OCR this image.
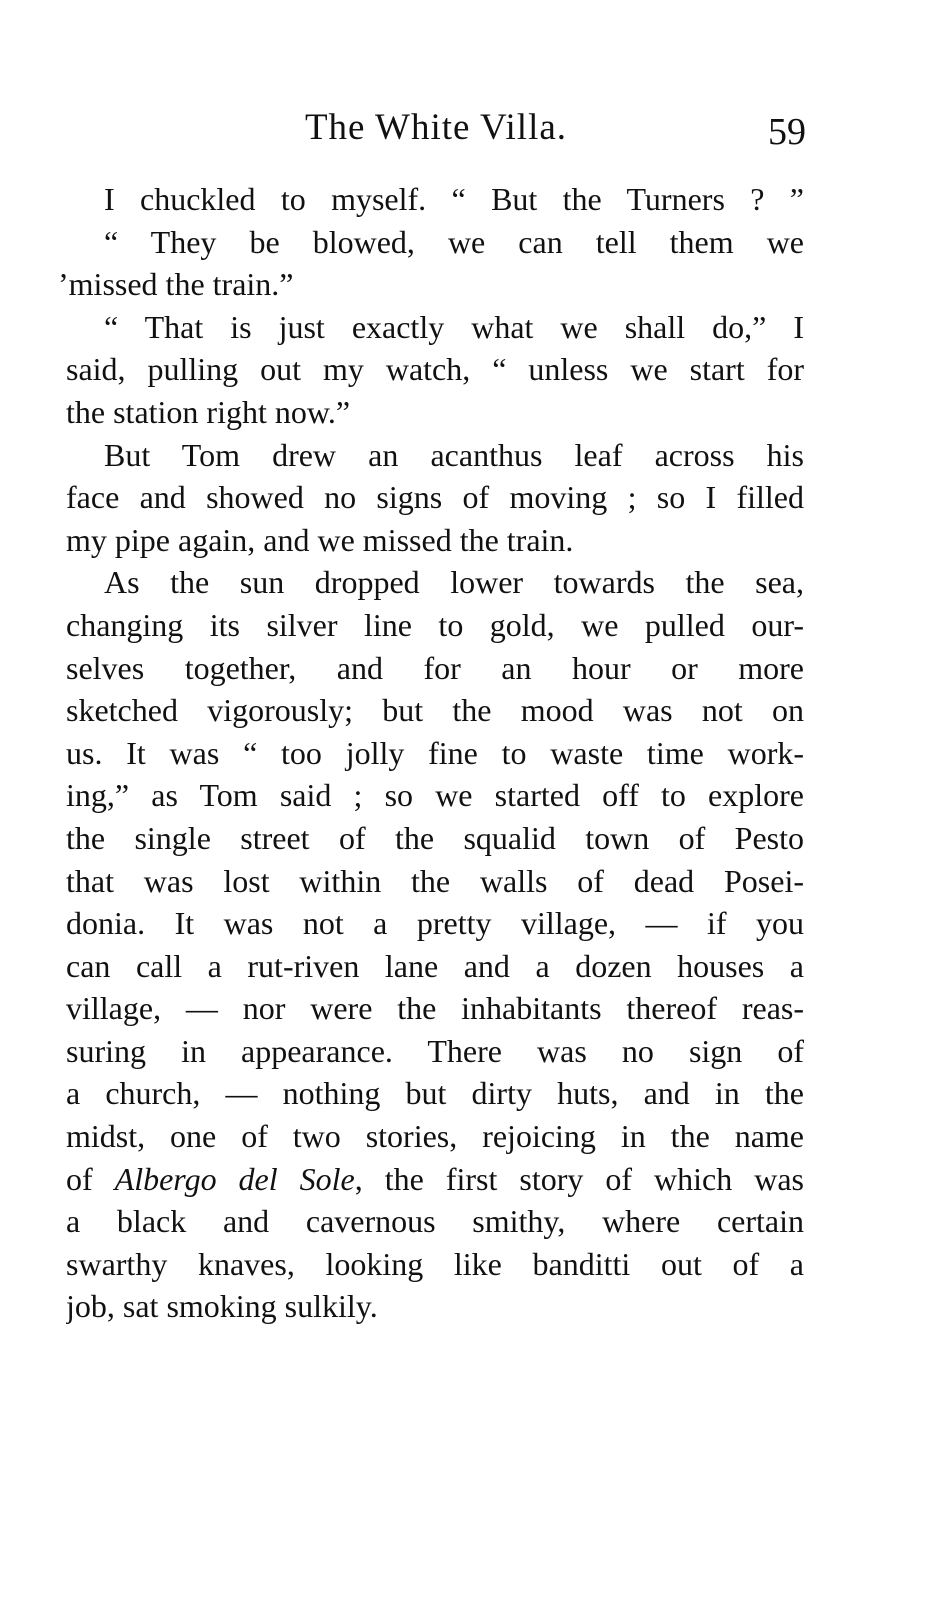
The White Villa.	59
I chuckled to myself. “ But the Turners ? ”
“ They be blowed, we can tell them we
’missed the train.”
“ That is just exactly what we shall do,” I
said, pulling out my watch, “ unless we start for
the station right now.”
But Tom drew an acanthus leaf across his
face and showed no signs of moving ; so I filled
my pipe again, and we missed the train.
As the sun dropped lower towards the sea,
changing its silver line to gold, we pulled our-
selves together, and for an hour or more
sketched vigorously; but the mood was not on
us. It was “ too jolly fine to waste time work-
ing,” as Tom said ; so we started off to explore
the single street of the squalid town of Pesto
that was lost within the walls of dead Posei-
donia. It was not a pretty village, — if you
can call a rut-riven lane and a dozen houses a
village, — nor were the inhabitants thereof reas-
suring in appearance. There was no sign of
a church, — nothing but dirty huts, and in the
midst, one of two stories, rejoicing in the name
of Albergo del Sole, the first story of which was
a black and cavernous smithy, where certain
swarthy knaves, looking like banditti out of a
job, sat smoking sulkily.
